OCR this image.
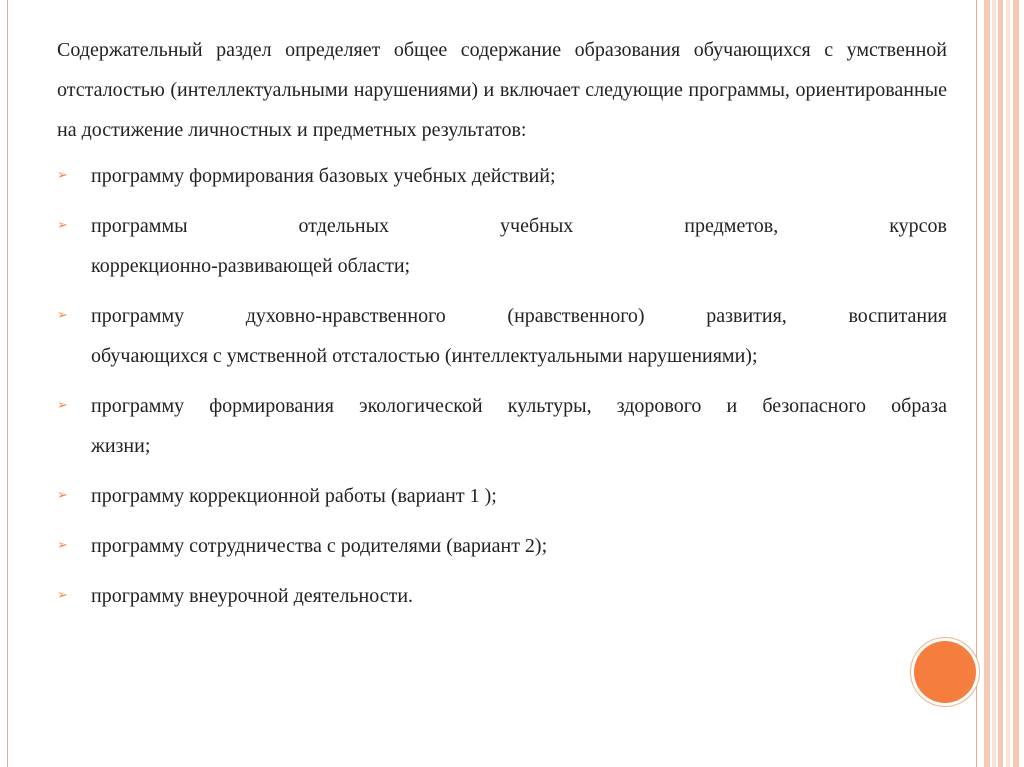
Содержательный раздел определяет общее содержание образования обучающихся с умственной отсталостью (интеллектуальными нарушениями) и включает следующие программы, ориентированные на достижение личностных и предметных результатов:

➢ программу формирования базовых учебных действий;
➢ программы отдельных учебных предметов, курсов
коррекционно-развивающей области;
➢ программу духовно-нравственного (нравственного) развития, воспитания
обучающихся с умственной отсталостью (интеллектуальными нарушениями);
➢ программу формирования экологической культуры, здорового и безопасного образа
жизни;
➢ программу коррекционной работы (вариант 1 );
➢ программу сотрудничества с родителями (вариант 2);
➢ программу внеурочной деятельности.
